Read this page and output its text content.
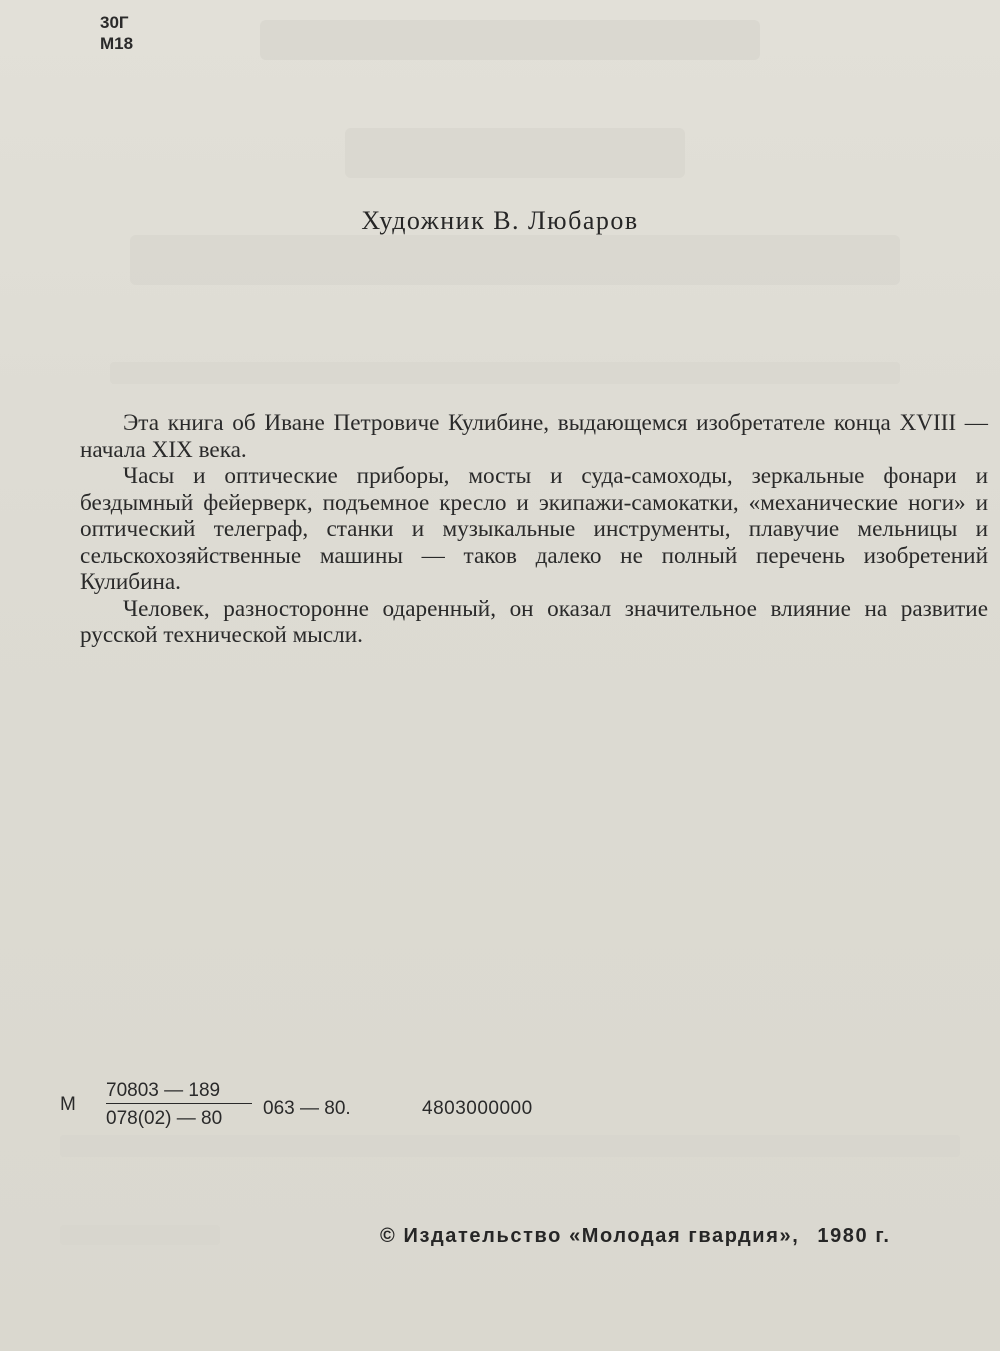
30Г
М18
Художник В. Любаров

Эта книга об Иване Петровиче Кулибине, выдающемся изобретателе конца XVIII — начала XIX века.

Часы и оптические приборы, мосты и суда-самоходы, зеркальные фонари и бездымный фейерверк, подъемное кресло и экипажи-самокатки, «механические ноги» и оптический телеграф, станки и музыкальные инструменты, плавучие мельницы и сельскохозяйственные машины — таков далеко не полный перечень изобретений Кулибина.

Человек, разносторонне одаренный, он оказал значительное влияние на развитие русской технической мысли.

М
70803 — 189
078(02) — 80 063 — 80.	4803000000
© Издательство «Молодая гвардия», 1980 г.
